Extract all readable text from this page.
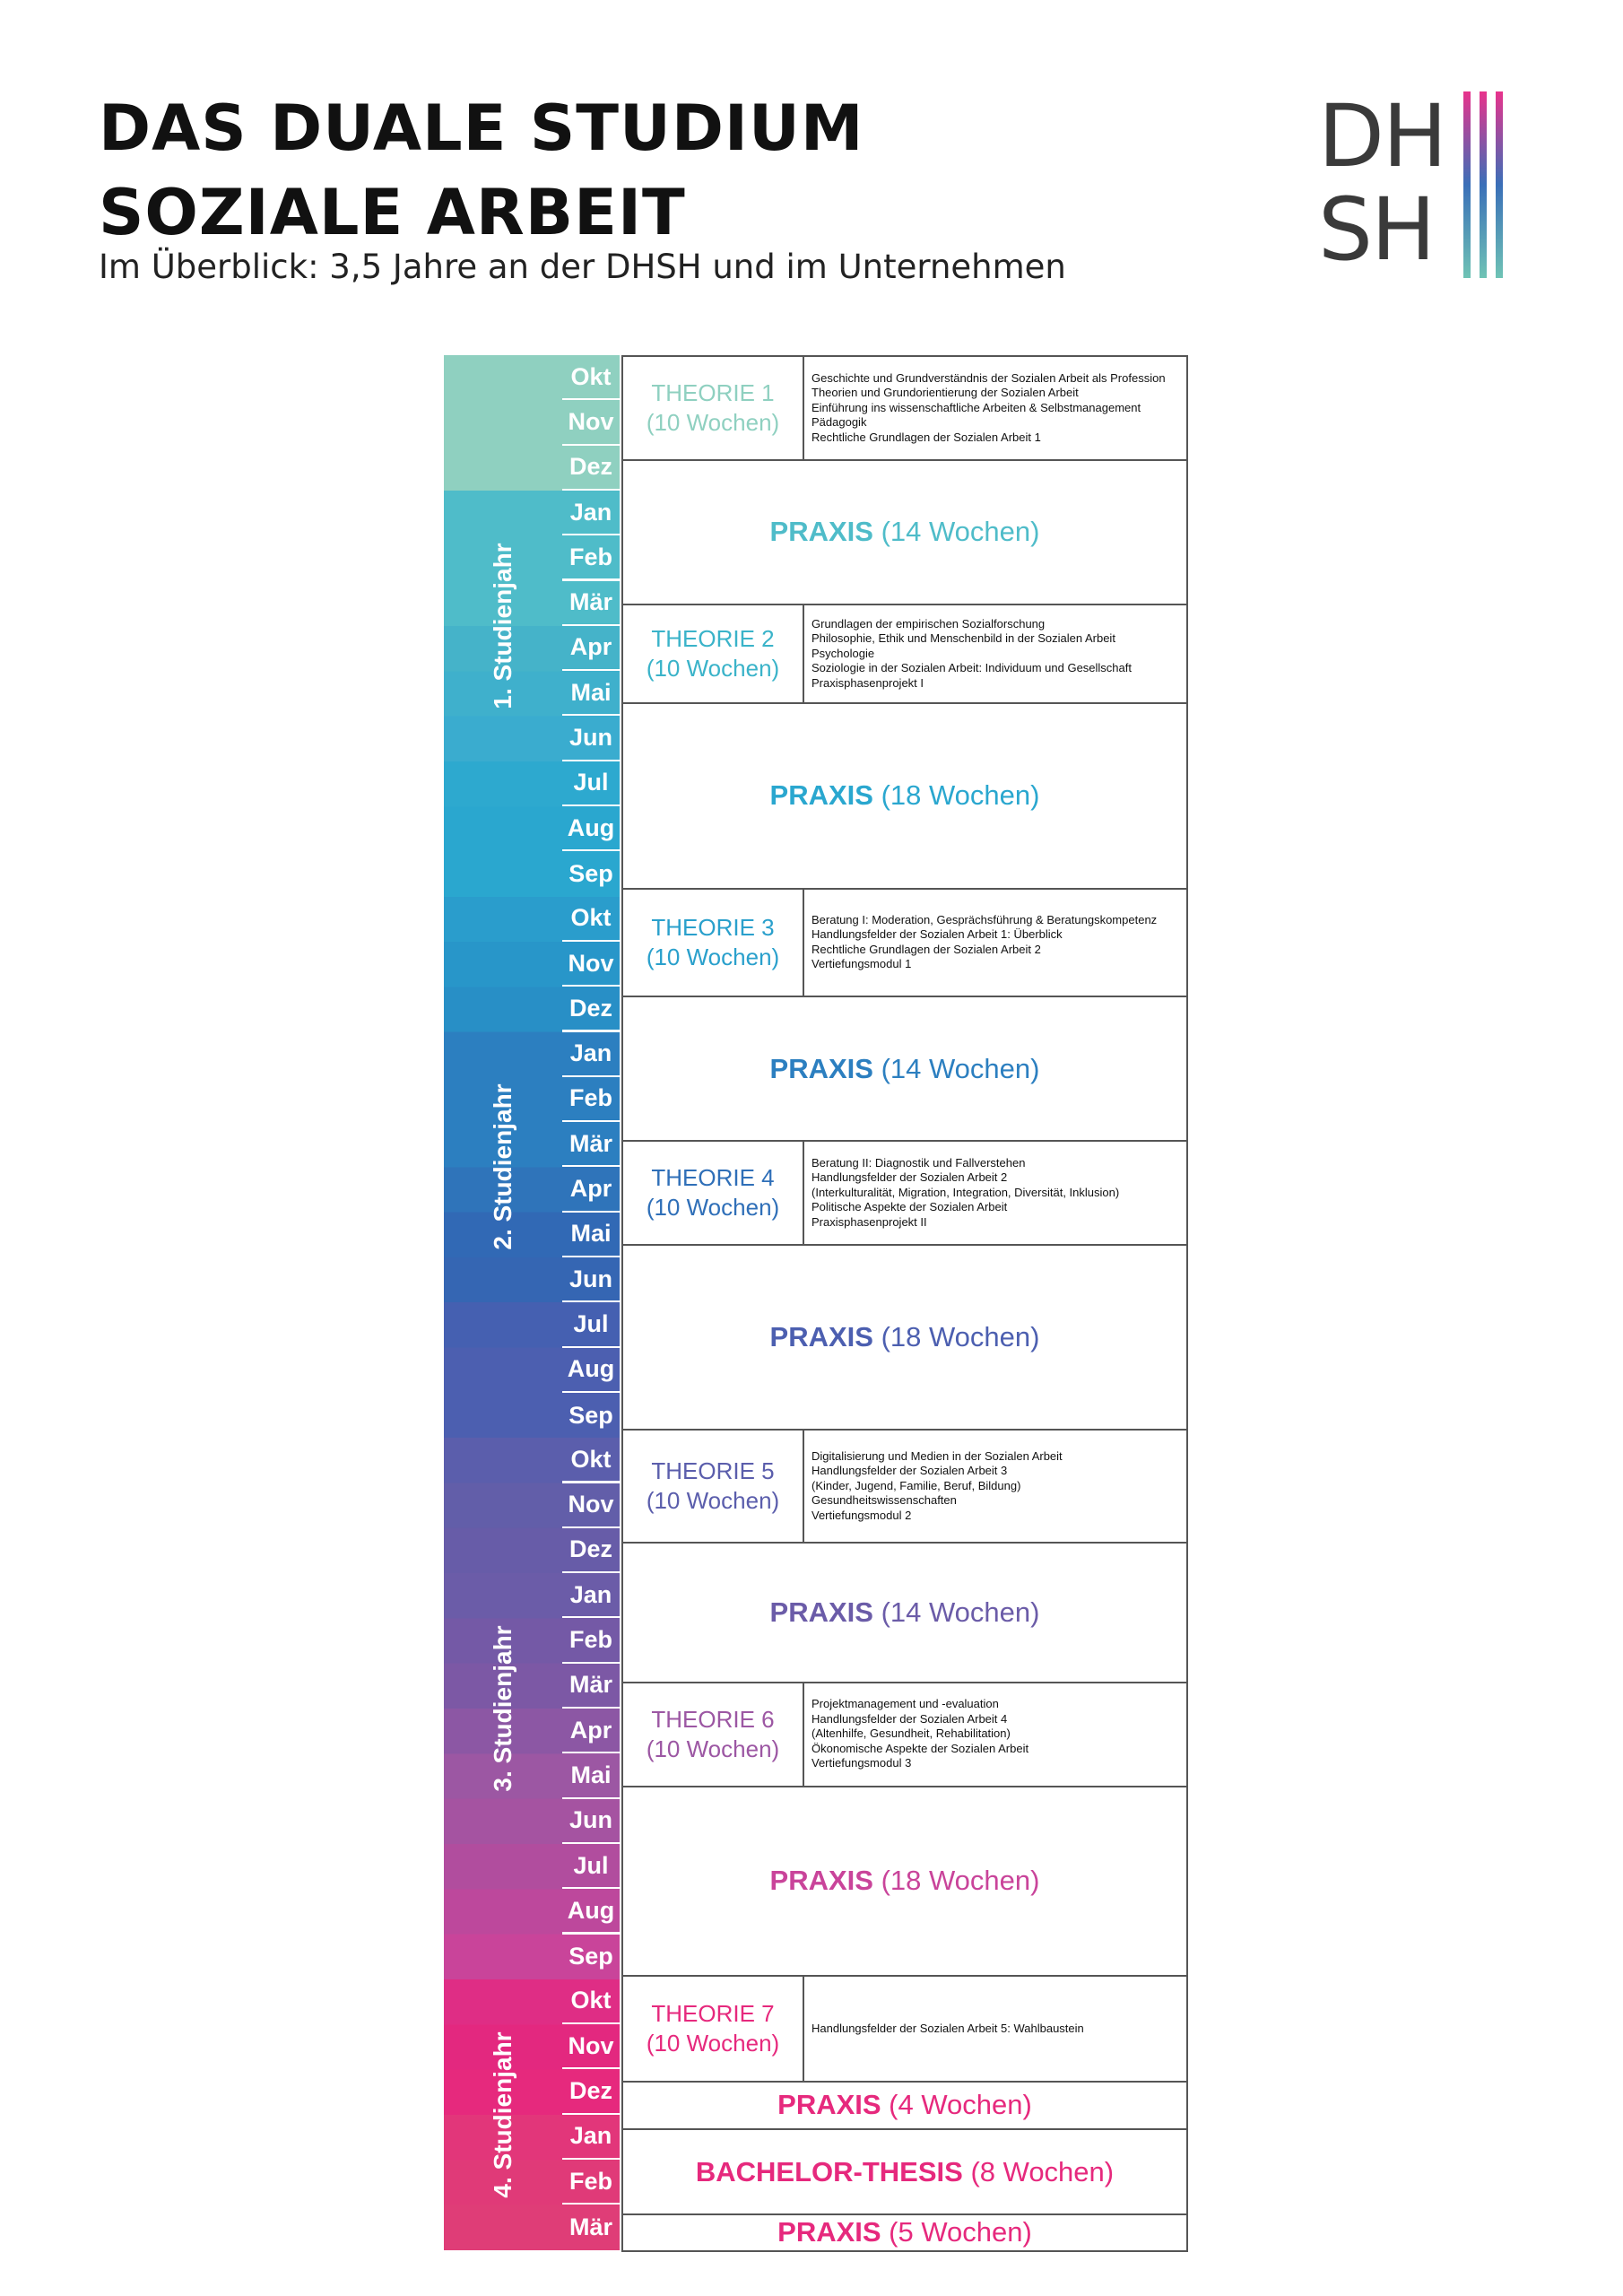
DAS DUALE STUDIUM
SOZIALE ARBEIT
Im Überblick: 3,5 Jahre an der DHSH und im Unternehmen
DH
SH
1. Studienjahr
2. Studienjahr
3. Studienjahr
4. Studienjahr
Okt
Nov
Dez
Jan
Feb
Mär
Apr
Mai
Jun
Jul
Aug
Sep
Okt
Nov
Dez
Jan
Feb
Mär
Apr
Mai
Jun
Jul
Aug
Sep
Okt
Nov
Dez
Jan
Feb
Mär
Apr
Mai
Jun
Jul
Aug
Sep
Okt
Nov
Dez
Jan
Feb
Mär
THEORIE 1
(10 Wochen)
Geschichte und Grundverständnis der Sozialen Arbeit als Profession
Theorien und Grundorientierung der Sozialen Arbeit
Einführung ins wissenschaftliche Arbeiten & Selbstmanagement
Pädagogik
Rechtliche Grundlagen der Sozialen Arbeit 1
PRAXIS (14 Wochen)
THEORIE 2
(10 Wochen)
Grundlagen der empirischen Sozialforschung
Philosophie, Ethik und Menschenbild in der Sozialen Arbeit
Psychologie
Soziologie in der Sozialen Arbeit: Individuum und Gesellschaft
Praxisphasenprojekt I
PRAXIS (18 Wochen)
THEORIE 3
(10 Wochen)
Beratung I: Moderation, Gesprächsführung & Beratungskompetenz
Handlungsfelder der Sozialen Arbeit 1: Überblick
Rechtliche Grundlagen der Sozialen Arbeit 2
Vertiefungsmodul 1
PRAXIS (14 Wochen)
THEORIE 4
(10 Wochen)
Beratung II: Diagnostik und Fallverstehen
Handlungsfelder der Sozialen Arbeit 2
(Interkulturalität, Migration, Integration, Diversität, Inklusion)
Politische Aspekte der Sozialen Arbeit
Praxisphasenprojekt II
PRAXIS (18 Wochen)
THEORIE 5
(10 Wochen)
Digitalisierung und Medien in der Sozialen Arbeit
Handlungsfelder der Sozialen Arbeit 3
(Kinder, Jugend, Familie, Beruf, Bildung)
Gesundheitswissenschaften
Vertiefungsmodul 2
PRAXIS (14 Wochen)
THEORIE 6
(10 Wochen)
Projektmanagement und -evaluation
Handlungsfelder der Sozialen Arbeit 4
(Altenhilfe, Gesundheit, Rehabilitation)
Ökonomische Aspekte der Sozialen Arbeit
Vertiefungsmodul 3
PRAXIS (18 Wochen)
THEORIE 7
(10 Wochen)
Handlungsfelder der Sozialen Arbeit 5: Wahlbaustein
PRAXIS (4 Wochen)
BACHELOR-THESIS (8 Wochen)
PRAXIS (5 Wochen)
